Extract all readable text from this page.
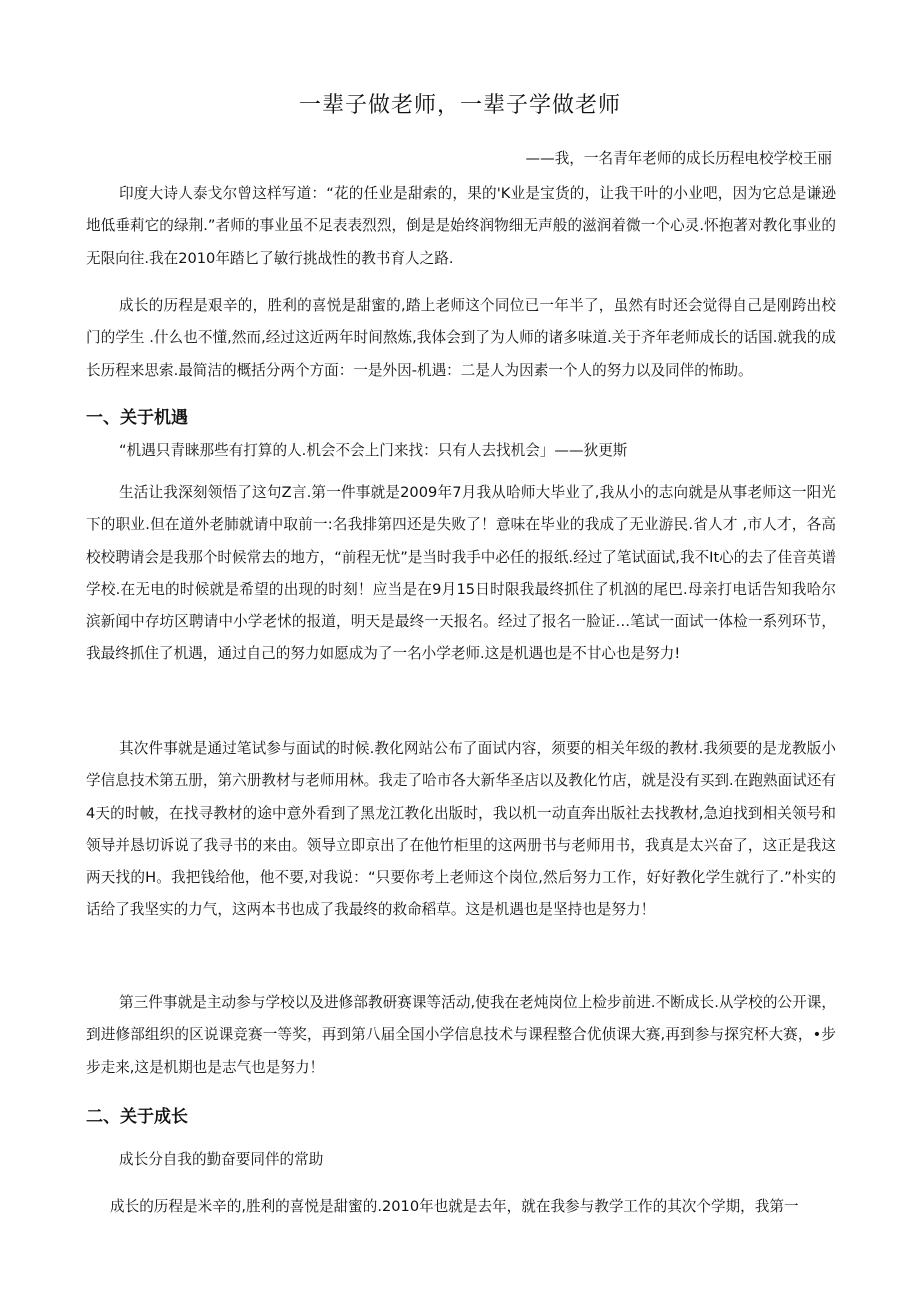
一辈子做老师，一辈子学做老师
——我，一名青年老师的成长历程电校学校王丽

印度大诗人泰戈尔曾这样写道：“花的任业是甜索的，果的'K业是宝货的，让我干叶的小业吧，因为它总是谦逊地低垂莉它的绿荆.”者师的事业虽不足表表烈烈，倒是是始终润物细无声般的滋润着微一个心灵.怀抱著对教化事业的无限向往.我在2010年踏匕了敏行挑战性的教书育人之路.

成长的历程是艰辛的，胜利的喜悦是甜蜜的,踏上老师这个同位已一年半了，虽然有时还会觉得自己是刚跨出校门的学生 .什么也不懂,然而,经过这近两年时间熬炼,我体会到了为人师的诸多味道.关于齐年老师成长的话国.就我的成长历程来思索.最简洁的概括分两个方面：一是外因-机遇：二是人为因素一个人的努力以及同伴的怖助。

一、关于机遇
“机遇只青睐那些有打算的人.机会不会上门来找：只有人去找机会」——狄更斯

生活让我深刻领悟了这句Z言.第一件事就是2009年7月我从哈师大毕业了,我从小的志向就是从事老师这一阳光下的职业.但在道外老肺就请中取前一:名我排第四还是失败了！意味在毕业的我成了无业游民.省人才 ,市人才，各高校校聘请会是我那个时候常去的地方，“前程无忧”是当时我手中必任的报纸.经过了笔试面试,我不It心的去了佳音英谱学校.在无电的时候就是希望的出现的时刻！应当是在9月15日时限我最终抓住了机汹的尾巴.母亲打电话告知我哈尔滨新闻中存坊区聘请中小学老怵的报道，明天是最终一天报名。经过了报名一脸证…笔试一面试一体检一系列环节，我最终抓住了机遇，通过自己的努力如愿成为了一名小学老师.这是机遇也是不甘心也是努力!

其次件事就是通过笔试参与面试的时候.教化网站公布了面试内容，须要的相关年级的教材.我须要的是龙教版小学信息技术第五册，第六册教材与老师用林。我走了哈市各大新华圣店以及教化竹店，就是没有买到.在跑熟面试还有4天的时帔，在找寻教材的途中意外看到了黑龙江教化出版时，我以机一动直奔出版社去找教材,急迫找到相关领号和领导并恳切诉说了我寻书的来由。领导立即京出了在他竹柜里的这两册书与老师用书，我真是太兴奋了，这正是我这两天找的H。我把钱给他，他不要,对我说：“只要你考上老师这个岗位,然后努力工作，好好教化学生就行了.”朴实的话给了我坚实的力气，这两本书也成了我最终的救命稻草。这是机遇也是坚持也是努力！

第三件事就是主动参与学校以及进修部教研赛课等活动,使我在老炖岗位上检步前进.不断成长.从学校的公开课，到进修部组织的区说课竞赛一等奖，再到第八届全国小学信息技术与课程整合优侦课大赛,再到参与探究杯大赛，•步步走来,这是机期也是志气也是努力！

二、关于成长
成长分自我的勤奋要同伴的常助

成长的历程是米辛的,胜利的喜悦是甜蜜的.2010年也就是去年，就在我参与教学工作的其次个学期，我第一
